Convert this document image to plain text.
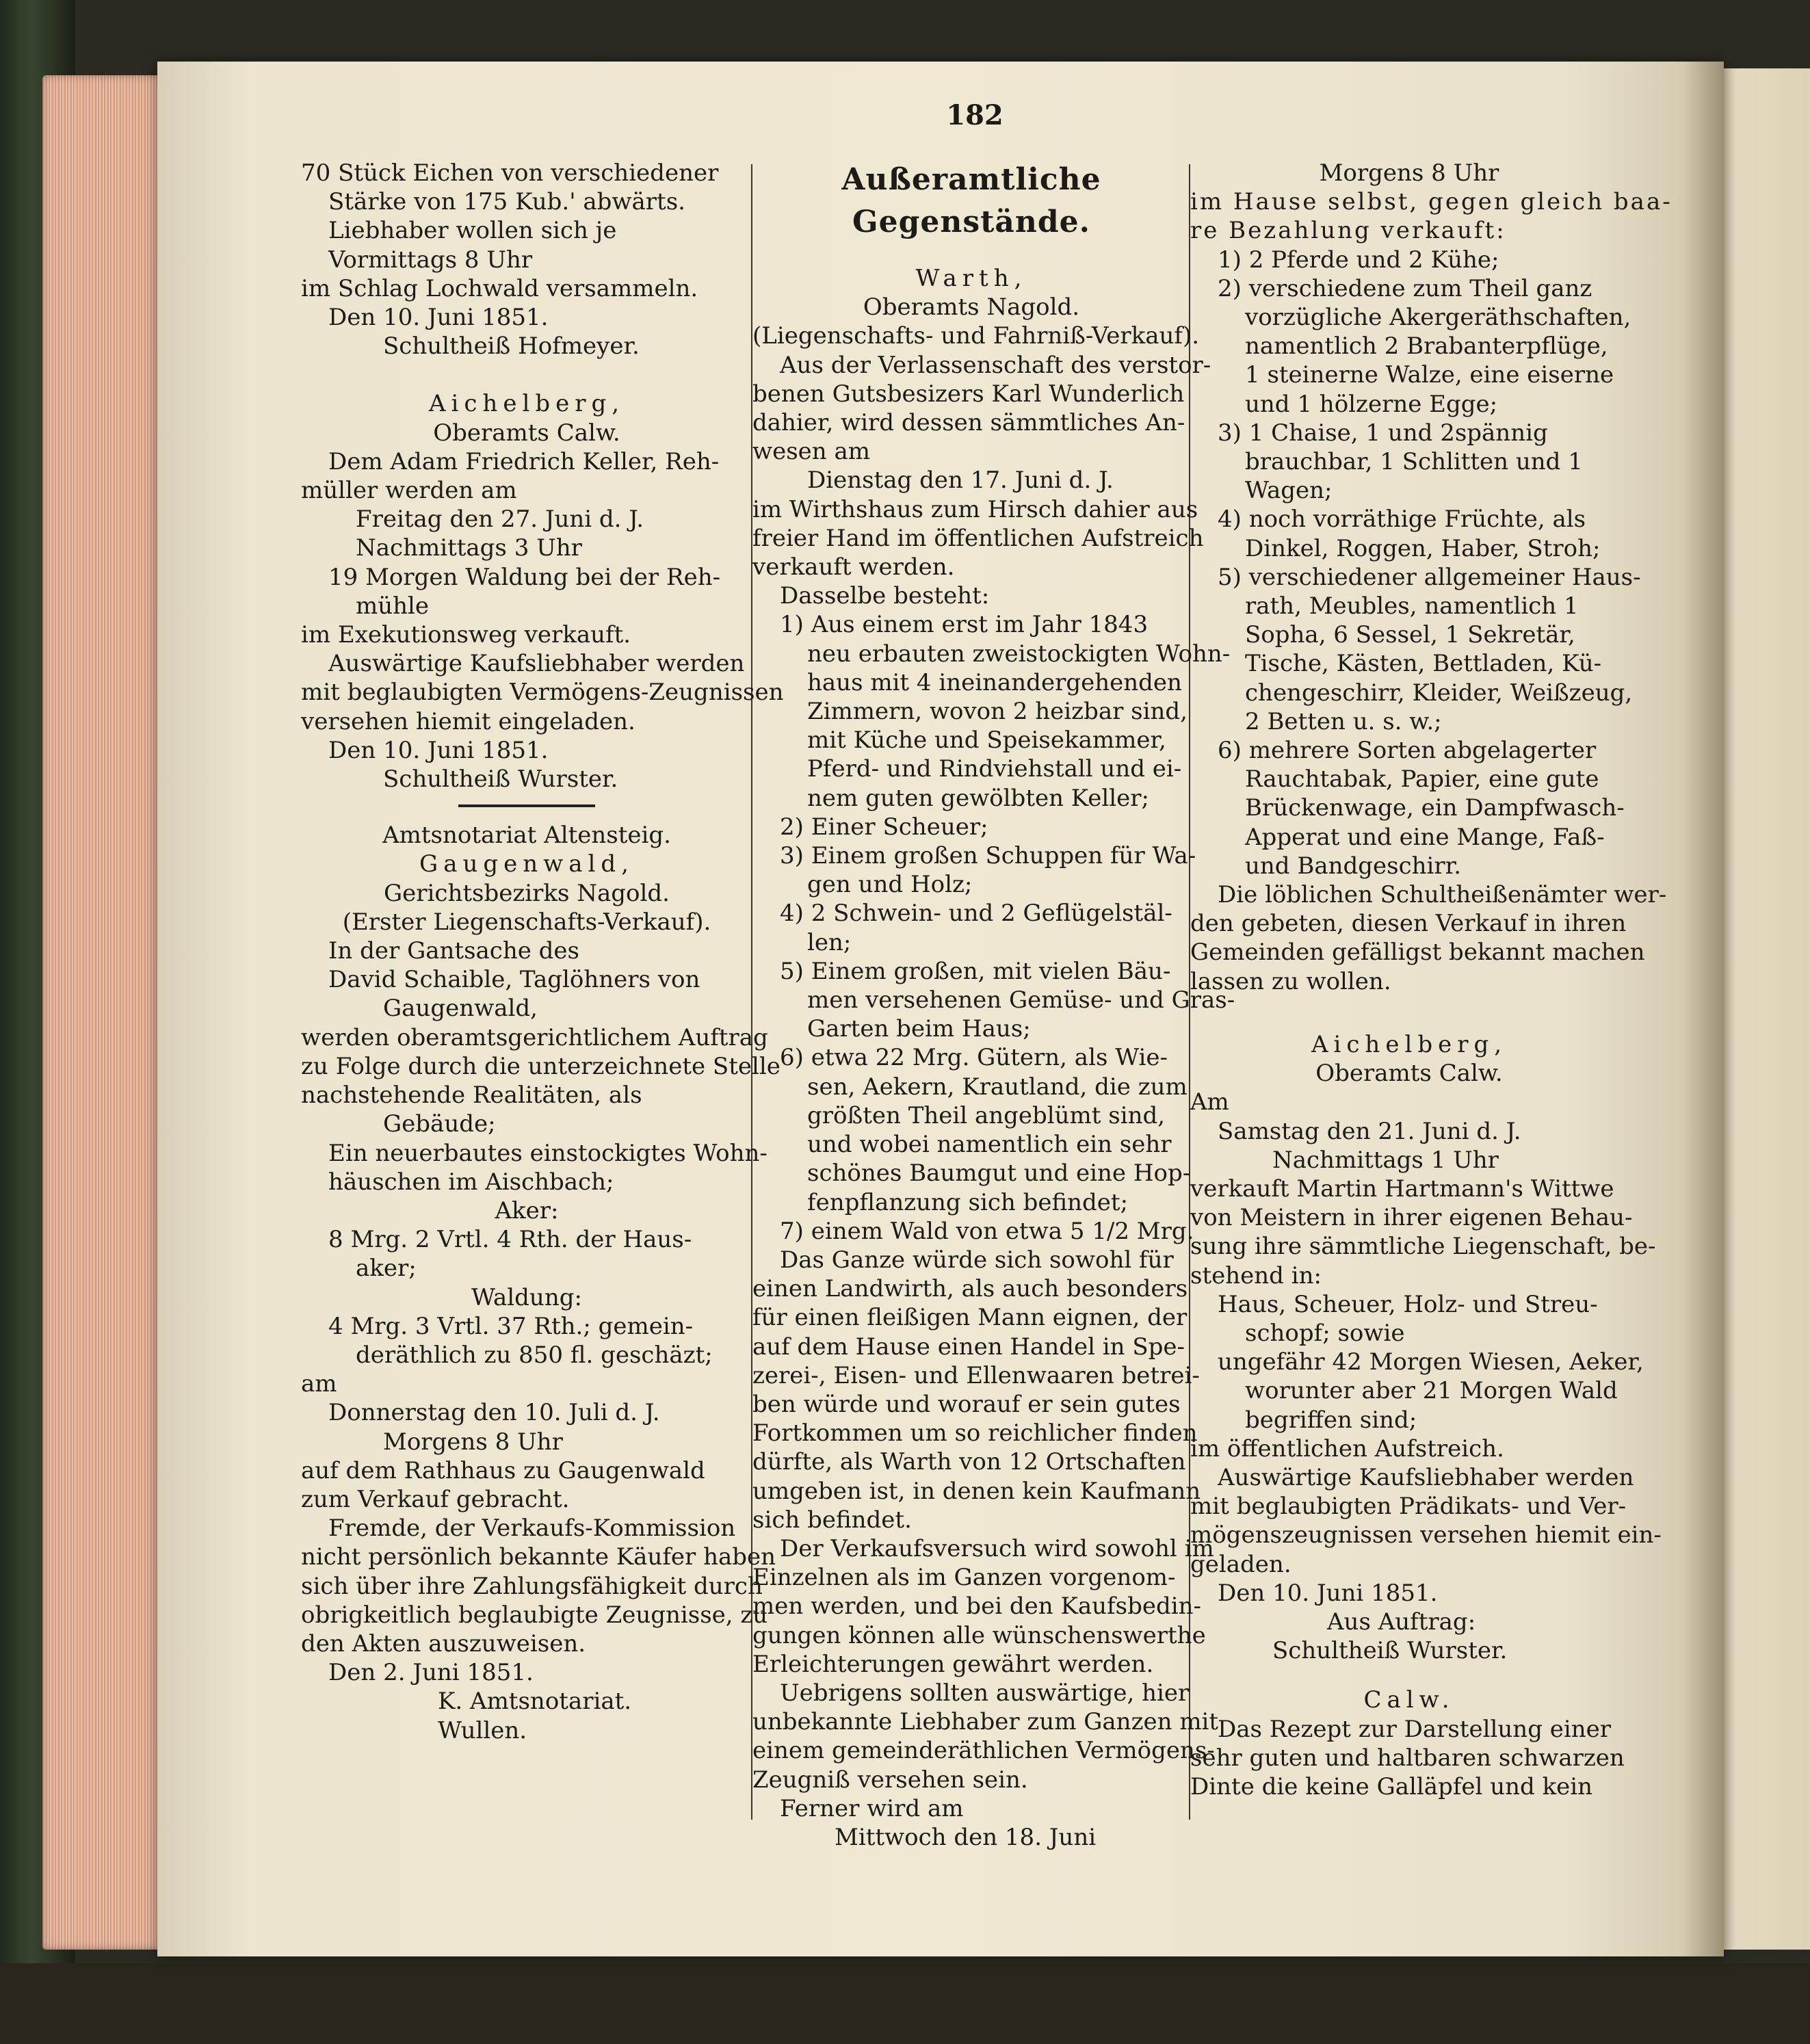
182
70 Stück Eichen von verschiedener
Stärke von 175 Kub.' abwärts.
Liebhaber wollen sich je
Vormittags 8 Uhr
im Schlag Lochwald versammeln.
Den 10. Juni 1851.
Schultheiß Hofmeyer.
Aichelberg,
Oberamts Calw.
Dem Adam Friedrich Keller, Reh-
müller werden am
Freitag den 27. Juni d. J.
Nachmittags 3 Uhr
19 Morgen Waldung bei der Reh-
mühle
im Exekutionsweg verkauft.
Auswärtige Kaufsliebhaber werden
mit beglaubigten Vermögens-Zeugnissen
versehen hiemit eingeladen.
Den 10. Juni 1851.
Schultheiß Wurster.
Amtsnotariat Altensteig.
Gaugenwald,
Gerichtsbezirks Nagold.
(Erster Liegenschafts-Verkauf).
In der Gantsache des
David Schaible, Taglöhners von
Gaugenwald,
werden oberamtsgerichtlichem Auftrag
zu Folge durch die unterzeichnete Stelle
nachstehende Realitäten, als
Gebäude;
Ein neuerbautes einstockigtes Wohn-
häuschen im Aischbach;
Aker:
8 Mrg. 2 Vrtl. 4 Rth. der Haus-
aker;
Waldung:
4 Mrg. 3 Vrtl. 37 Rth.; gemein-
deräthlich zu 850 fl. geschäzt;
am
Donnerstag den 10. Juli d. J.
Morgens 8 Uhr
auf dem Rathhaus zu Gaugenwald
zum Verkauf gebracht.
Fremde, der Verkaufs-Kommission
nicht persönlich bekannte Käufer haben
sich über ihre Zahlungsfähigkeit durch
obrigkeitlich beglaubigte Zeugnisse, zu
den Akten auszuweisen.
Den 2. Juni 1851.
K. Amtsnotariat.
Wullen.
Außeramtliche Gegenstände.
Warth,
Oberamts Nagold.
(Liegenschafts- und Fahrniß-Verkauf).
Aus der Verlassenschaft des verstor-
benen Gutsbesizers Karl Wunderlich
dahier, wird dessen sämmtliches An-
wesen am
Dienstag den 17. Juni d. J.
im Wirthshaus zum Hirsch dahier aus
freier Hand im öffentlichen Aufstreich
verkauft werden.
Dasselbe besteht:
1) Aus einem erst im Jahr 1843
neu erbauten zweistockigten Wohn-
haus mit 4 ineinandergehenden
Zimmern, wovon 2 heizbar sind,
mit Küche und Speisekammer,
Pferd- und Rindviehstall und ei-
nem guten gewölbten Keller;
2) Einer Scheuer;
3) Einem großen Schuppen für Wa-
gen und Holz;
4) 2 Schwein- und 2 Geflügelstäl-
len;
5) Einem großen, mit vielen Bäu-
men versehenen Gemüse- und Gras-
Garten beim Haus;
6) etwa 22 Mrg. Gütern, als Wie-
sen, Aekern, Krautland, die zum
größten Theil angeblümt sind,
und wobei namentlich ein sehr
schönes Baumgut und eine Hop-
fenpflanzung sich befindet;
7) einem Wald von etwa 5 1/2 Mrg.
Das Ganze würde sich sowohl für
einen Landwirth, als auch besonders
für einen fleißigen Mann eignen, der
auf dem Hause einen Handel in Spe-
zerei-, Eisen- und Ellenwaaren betrei-
ben würde und worauf er sein gutes
Fortkommen um so reichlicher finden
dürfte, als Warth von 12 Ortschaften
umgeben ist, in denen kein Kaufmann
sich befindet.
Der Verkaufsversuch wird sowohl im
Einzelnen als im Ganzen vorgenom-
men werden, und bei den Kaufsbedin-
gungen können alle wünschenswerthe
Erleichterungen gewährt werden.
Uebrigens sollten auswärtige, hier
unbekannte Liebhaber zum Ganzen mit
einem gemeinderäthlichen Vermögens-
Zeugniß versehen sein.
Ferner wird am
Mittwoch den 18. Juni
Morgens 8 Uhr
im Hause selbst, gegen gleich baa-
re Bezahlung verkauft:
1) 2 Pferde und 2 Kühe;
2) verschiedene zum Theil ganz
vorzügliche Akergeräthschaften,
namentlich 2 Brabanterpflüge,
1 steinerne Walze, eine eiserne
und 1 hölzerne Egge;
3) 1 Chaise, 1 und 2spännig
brauchbar, 1 Schlitten und 1
Wagen;
4) noch vorräthige Früchte, als
Dinkel, Roggen, Haber, Stroh;
5) verschiedener allgemeiner Haus-
rath, Meubles, namentlich 1
Sopha, 6 Sessel, 1 Sekretär,
Tische, Kästen, Bettladen, Kü-
chengeschirr, Kleider, Weißzeug,
2 Betten u. s. w.;
6) mehrere Sorten abgelagerter
Rauchtabak, Papier, eine gute
Brückenwage, ein Dampfwasch-
Apperat und eine Mange, Faß-
und Bandgeschirr.
Die löblichen Schultheißenämter wer-
den gebeten, diesen Verkauf in ihren
Gemeinden gefälligst bekannt machen
lassen zu wollen.
Aichelberg,
Oberamts Calw.
Am
Samstag den 21. Juni d. J.
Nachmittags 1 Uhr
verkauft Martin Hartmann's Wittwe
von Meistern in ihrer eigenen Behau-
sung ihre sämmtliche Liegenschaft, be-
stehend in:
Haus, Scheuer, Holz- und Streu-
schopf; sowie
ungefähr 42 Morgen Wiesen, Aeker,
worunter aber 21 Morgen Wald
begriffen sind;
im öffentlichen Aufstreich.
Auswärtige Kaufsliebhaber werden
mit beglaubigten Prädikats- und Ver-
mögenszeugnissen versehen hiemit ein-
geladen.
Den 10. Juni 1851.
Aus Auftrag:
Schultheiß Wurster.
Calw.
Das Rezept zur Darstellung einer
sehr guten und haltbaren schwarzen
Dinte die keine Galläpfel und kein
